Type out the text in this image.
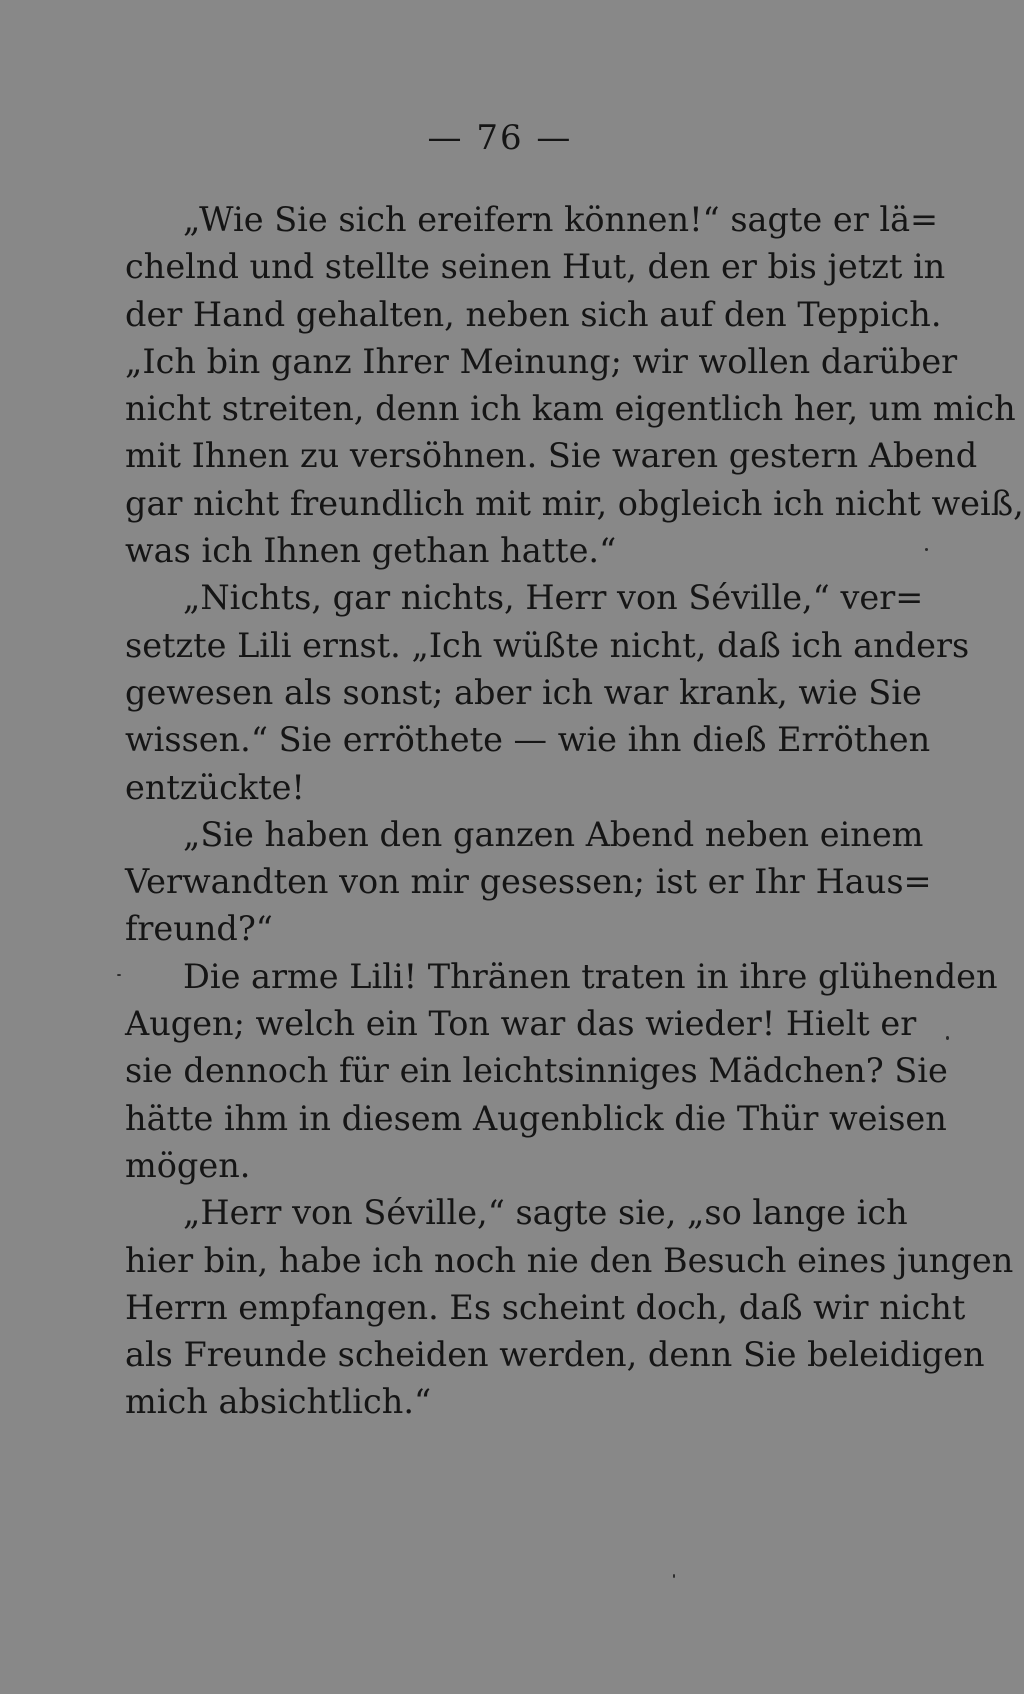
— 76 —
„Wie Sie sich ereifern können!“ sagte er lä=
chelnd und stellte seinen Hut, den er bis jetzt in
der Hand gehalten, neben sich auf den Teppich.
„Ich bin ganz Ihrer Meinung; wir wollen darüber
nicht streiten, denn ich kam eigentlich her, um mich
mit Ihnen zu versöhnen. Sie waren gestern Abend
gar nicht freundlich mit mir, obgleich ich nicht weiß,
was ich Ihnen gethan hatte.“
„Nichts, gar nichts, Herr von Séville,“ ver=
setzte Lili ernst. „Ich wüßte nicht, daß ich anders
gewesen als sonst; aber ich war krank, wie Sie
wissen.“ Sie erröthete — wie ihn dieß Erröthen
entzückte!
„Sie haben den ganzen Abend neben einem
Verwandten von mir gesessen; ist er Ihr Haus=
freund?“
Die arme Lili! Thränen traten in ihre glühenden
Augen; welch ein Ton war das wieder! Hielt er
sie dennoch für ein leichtsinniges Mädchen? Sie
hätte ihm in diesem Augenblick die Thür weisen
mögen.
„Herr von Séville,“ sagte sie, „so lange ich
hier bin, habe ich noch nie den Besuch eines jungen
Herrn empfangen. Es scheint doch, daß wir nicht
als Freunde scheiden werden, denn Sie beleidigen
mich absichtlich.“
